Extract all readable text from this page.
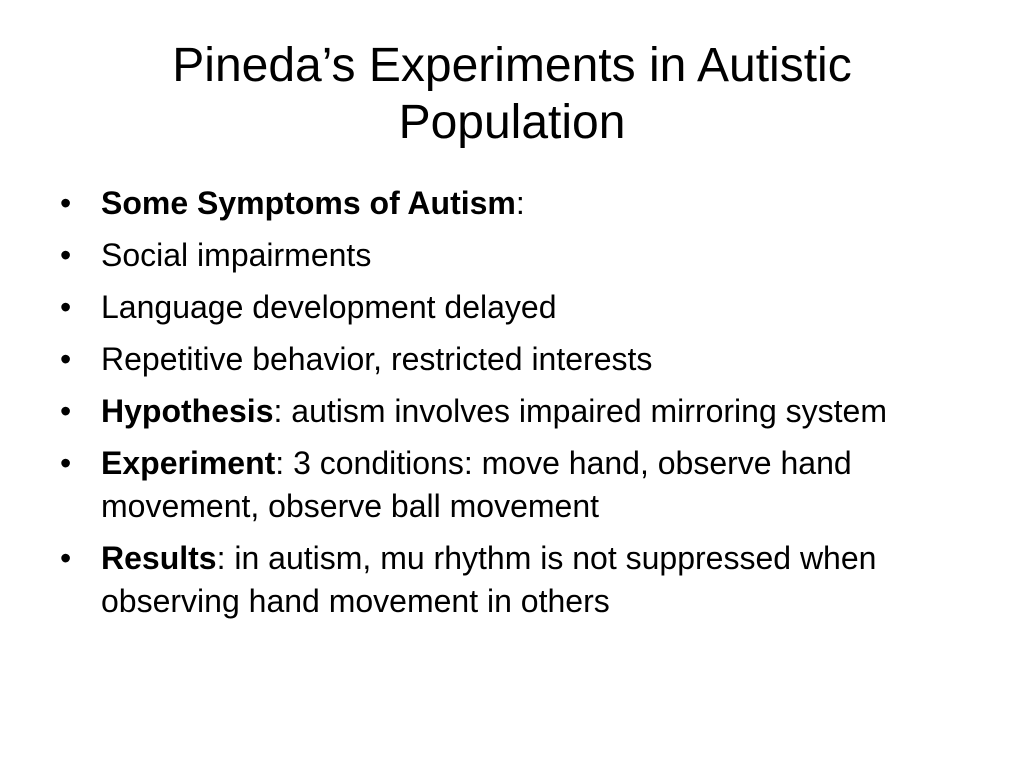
Pineda’s Experiments in Autistic Population
• Some Symptoms of Autism:
• Social impairments
• Language development delayed
• Repetitive behavior, restricted interests
• Hypothesis: autism involves impaired mirroring system
• Experiment: 3 conditions: move hand, observe hand movement, observe ball movement
• Results: in autism, mu rhythm is not suppressed when observing hand movement in others
